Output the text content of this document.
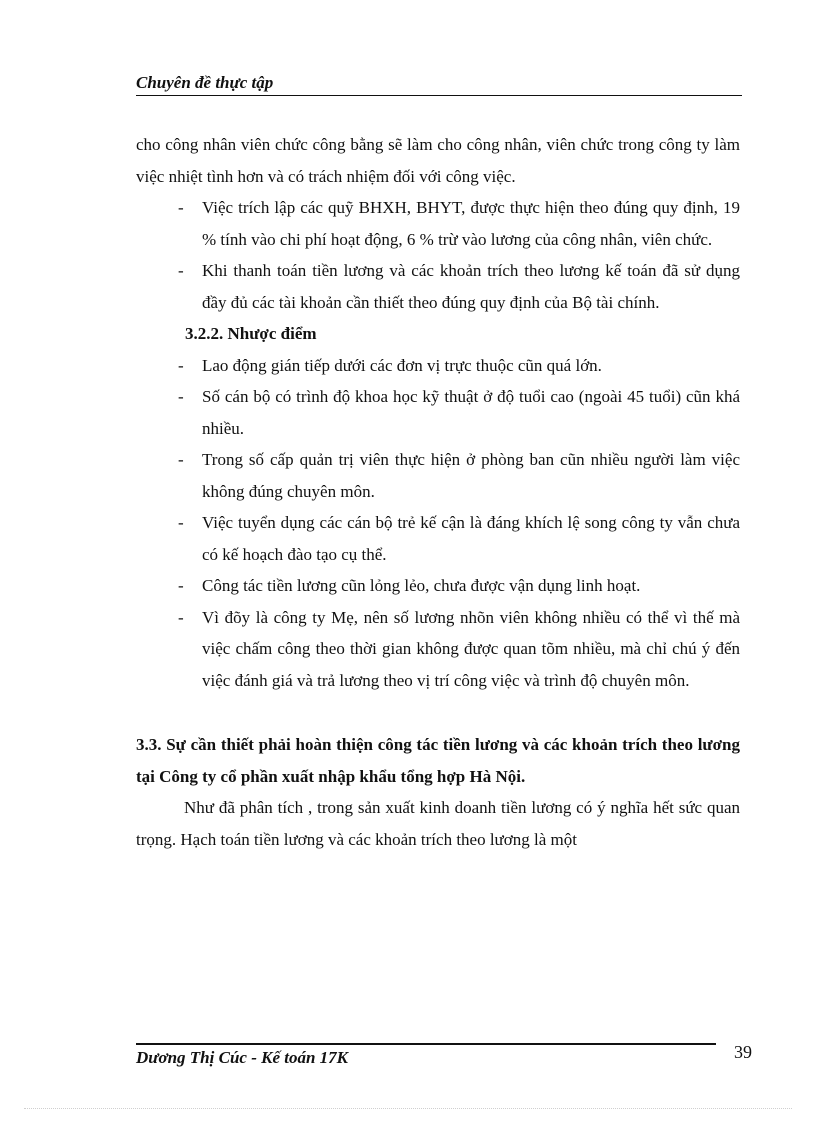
Chuyên đề thực tập

cho công nhân viên chức công bằng sẽ làm cho công nhân, viên chức trong công ty làm việc nhiệt tình hơn và có trách nhiệm đối với công việc.

- Việc trích lập các quỹ BHXH, BHYT, được thực hiện theo đúng quy định, 19 % tính vào chi phí hoạt động, 6 % trừ vào lương của công nhân, viên chức.

- Khi thanh toán tiền lương và các khoản trích theo lương kế toán đã sử dụng đầy đủ các tài khoản cần thiết theo đúng quy định của Bộ tài chính.

3.2.2. Nhược điểm

- Lao động gián tiếp dưới các đơn vị trực thuộc cũn quá lớn.

- Số cán bộ có trình độ khoa học kỹ thuật ở độ tuổi cao (ngoài 45 tuổi) cũn khá nhiều.

- Trong số cấp quản trị viên thực hiện ở phòng ban cũn nhiều người làm việc không đúng chuyên môn.

- Việc tuyển dụng các cán bộ trẻ kế cận là đáng khích lệ song công ty vẫn chưa có kế hoạch đào tạo cụ thể.

- Công tác tiền lương cũn lỏng lẻo, chưa được vận dụng linh hoạt.

- Vì đõy là công ty Mẹ, nên số lương nhõn viên không nhiều có thể vì thế mà việc chấm công theo thời gian không được quan tõm nhiều, mà chỉ chú ý đến việc đánh giá và trả lương theo vị trí công việc và trình độ chuyên môn.

3.3. Sự cần thiết phải hoàn thiện công tác tiền lương và các khoản trích theo lương tại Công ty cổ phần xuất nhập khẩu tổng hợp Hà Nội.

Như đã phân tích , trong sản xuất kinh doanh tiền lương có ý nghĩa hết sức quan trọng. Hạch toán tiền lương và các khoản trích theo lương là một

Dương Thị Cúc - Kế toán 17K	39
